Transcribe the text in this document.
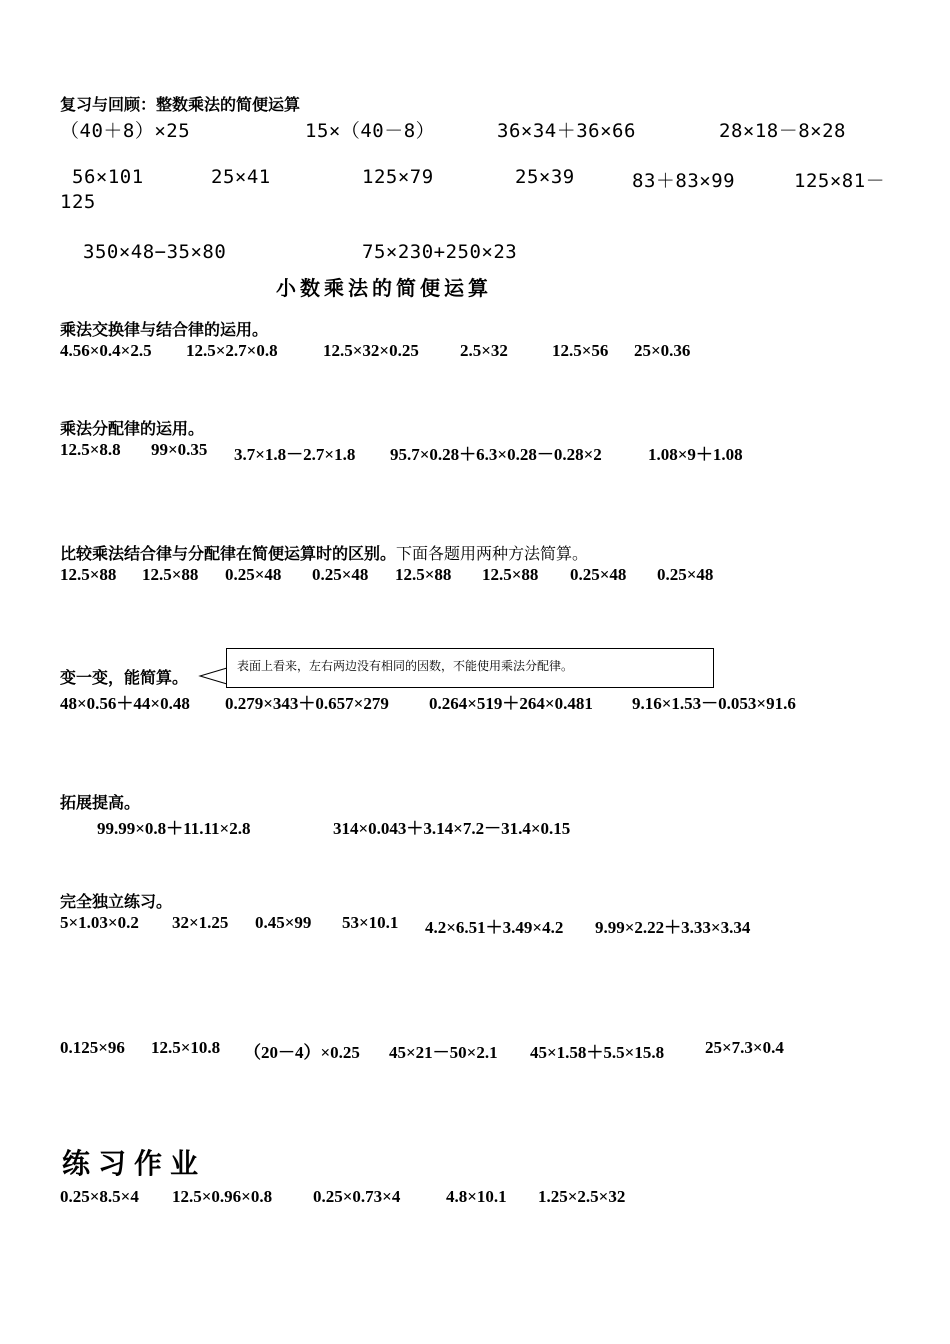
复习与回顾：整数乘法的简便运算
（40＋8）×25	15×（40－8）	36×34＋36×66	28×18－8×28
56×101	25×41	125×79	25×39	83＋83×99	125×81－
125
350×48−35×80	75×230+250×23
小数乘法的简便运算
乘法交换律与结合律的运用。
4.56×0.4×2.5 12.5×2.7×0.8	12.5×32×0.25 2.5×32	12.5×56 25×0.36
乘法分配律的运用。
12.5×8.8 99×0.35 3.7×1.8－2.7×1.8 95.7×0.28＋6.3×0.28－0.28×2	1.08×9＋1.08
比较乘法结合律与分配律在简便运算时的区别。下面各题用两种方法简算。
12.5×88 12.5×88 0.25×48 0.25×48 12.5×88 12.5×88 0.25×48 0.25×48
变一变，能简算。
表面上看来，左右两边没有相同的因数，不能使用乘法分配律。
48×0.56＋44×0.48 0.279×343＋0.657×279 0.264×519＋264×0.481 9.16×1.53－0.053×91.6
拓展提高。
99.99×0.8＋11.11×2.8	314×0.043＋3.14×7.2－31.4×0.15
完全独立练习。
5×1.03×0.2 32×1.25 0.45×99 53×10.1 4.2×6.51＋3.49×4.2 9.99×2.22＋3.33×3.34
0.125×96 12.5×10.8 （20－4）×0.25 45×21－50×2.1 45×1.58＋5.5×15.8 25×7.3×0.4
练习作业
0.25×8.5×4 12.5×0.96×0.8 0.25×0.73×4	4.8×10.1 1.25×2.5×32
